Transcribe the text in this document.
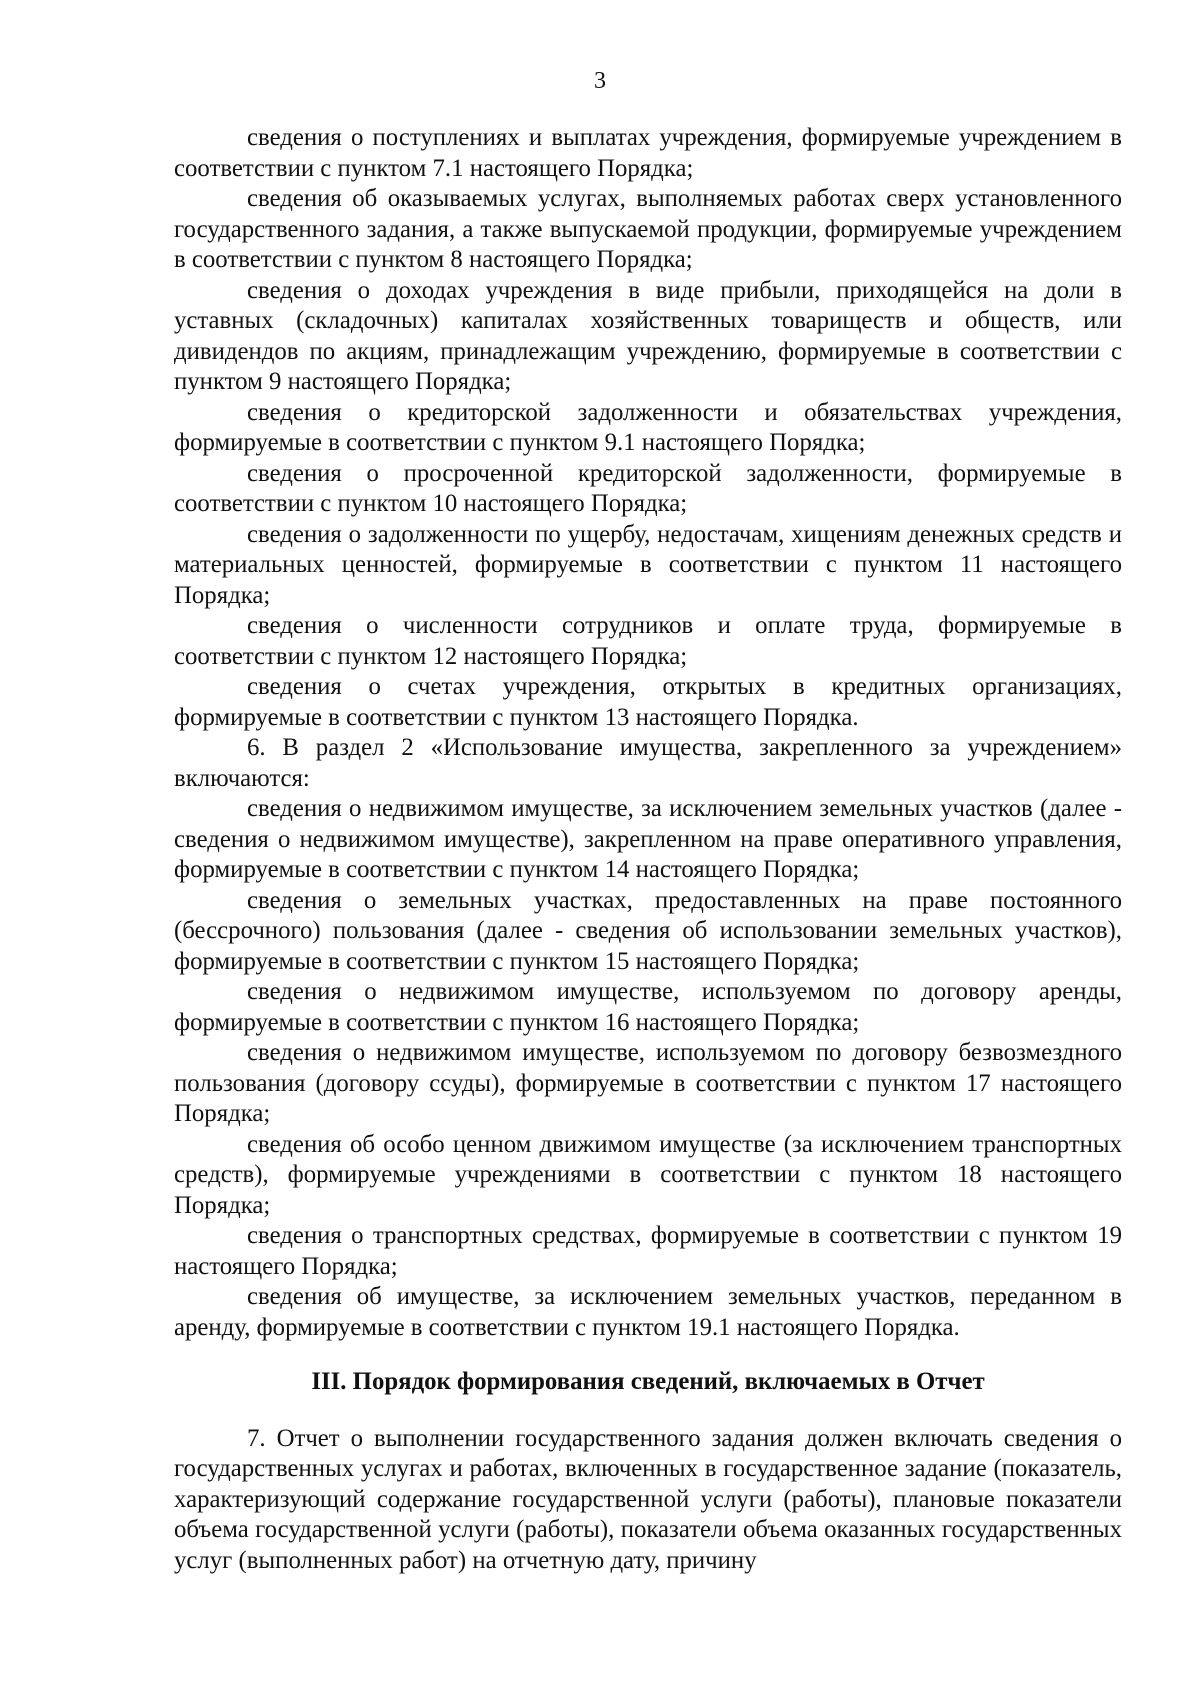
3

сведения о поступлениях и выплатах учреждения, формируемые учреждением в соответствии с пунктом 7.1 настоящего Порядка;

сведения об оказываемых услугах, выполняемых работах сверх установленного государственного задания, а также выпускаемой продукции, формируемые учреждением в соответствии с пунктом 8 настоящего Порядка;

сведения о доходах учреждения в виде прибыли, приходящейся на доли в уставных (складочных) капиталах хозяйственных товариществ и обществ, или дивидендов по акциям, принадлежащим учреждению, формируемые в соответствии с пунктом 9 настоящего Порядка;

сведения о кредиторской задолженности и обязательствах учреждения, формируемые в соответствии с пунктом 9.1 настоящего Порядка;

сведения о просроченной кредиторской задолженности, формируемые в соответствии с пунктом 10 настоящего Порядка;

сведения о задолженности по ущербу, недостачам, хищениям денежных средств и материальных ценностей, формируемые в соответствии с пунктом 11 настоящего Порядка;

сведения о численности сотрудников и оплате труда, формируемые в соответствии с пунктом 12 настоящего Порядка;

сведения о счетах учреждения, открытых в кредитных организациях, формируемые в соответствии с пунктом 13 настоящего Порядка.

6. В раздел 2 «Использование имущества, закрепленного за учреждением» включаются:

сведения о недвижимом имуществе, за исключением земельных участков (далее - сведения о недвижимом имуществе), закрепленном на праве оперативного управления, формируемые в соответствии с пунктом 14 настоящего Порядка;

сведения о земельных участках, предоставленных на праве постоянного (бессрочного) пользования (далее - сведения об использовании земельных участков), формируемые в соответствии с пунктом 15 настоящего Порядка;

сведения о недвижимом имуществе, используемом по договору аренды, формируемые в соответствии с пунктом 16 настоящего Порядка;

сведения о недвижимом имуществе, используемом по договору безвозмездного пользования (договору ссуды), формируемые в соответствии с пунктом 17 настоящего Порядка;

сведения об особо ценном движимом имуществе (за исключением транспортных средств), формируемые учреждениями в соответствии с пунктом 18 настоящего Порядка;

сведения о транспортных средствах, формируемые в соответствии с пунктом 19 настоящего Порядка;

сведения об имуществе, за исключением земельных участков, переданном в аренду, формируемые в соответствии с пунктом 19.1 настоящего Порядка.

III. Порядок формирования сведений, включаемых в Отчет

7. Отчет о выполнении государственного задания должен включать сведения о государственных услугах и работах, включенных в государственное задание (показатель, характеризующий содержание государственной услуги (работы), плановые показатели объема государственной услуги (работы), показатели объема оказанных государственных услуг (выполненных работ) на отчетную дату, причину
